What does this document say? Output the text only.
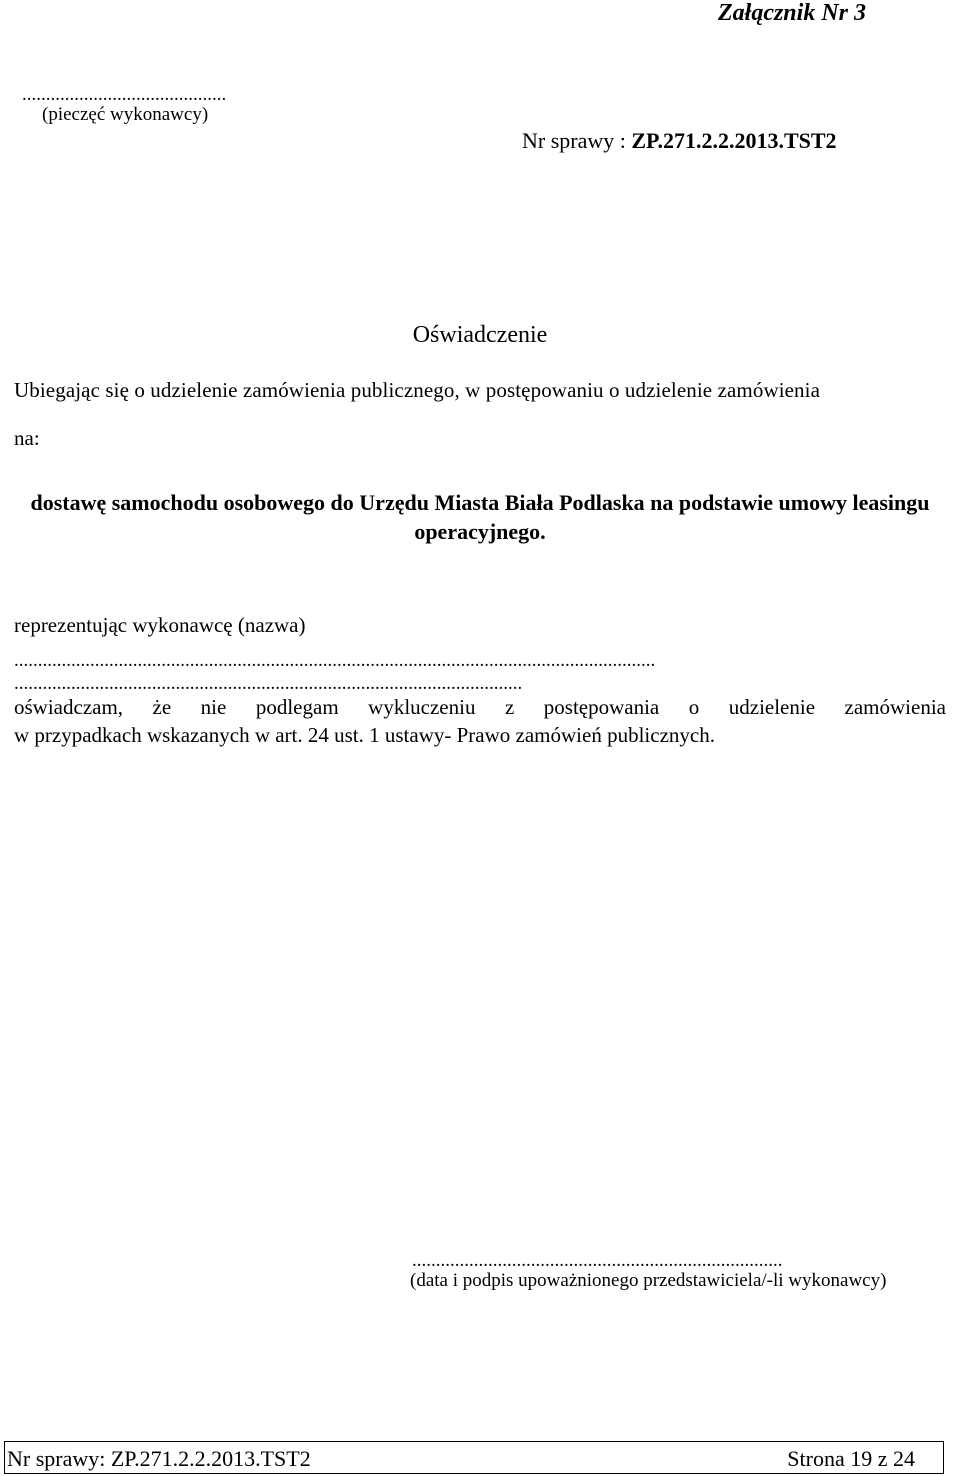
Załącznik Nr 3
...........................................
(pieczęć wykonawcy)
Nr sprawy : ZP.271.2.2.2013.TST2
Oświadczenie
Ubiegając się o udzielenie zamówienia publicznego, w postępowaniu o udzielenie zamówienia
na:
dostawę samochodu osobowego do Urzędu Miasta Biała Podlaska na podstawie umowy leasingu operacyjnego.
reprezentując wykonawcę (nazwa)
.......................................................................................................................................
...........................................................................................................
oświadczam, że nie podlegam wykluczeniu z postępowania o udzielenie zamówienia
w przypadkach wskazanych w art. 24 ust. 1 ustawy- Prawo zamówień publicznych.
..............................................................................
(data i podpis upoważnionego przedstawiciela/-li wykonawcy)
Nr sprawy: ZP.271.2.2.2013.TST2	Strona 19 z 24
